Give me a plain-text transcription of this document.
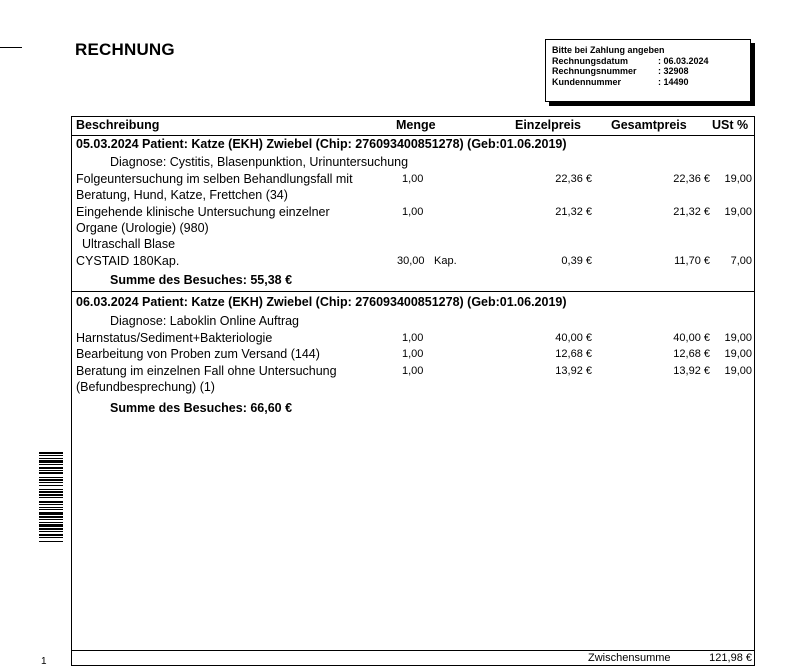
RECHNUNG	Bitte bei Zahlung angeben
Rechnungsdatum	: 06.03.2024
Rechnungsnummer	: 32908
Kundennummer	: 14490
Beschreibung	Menge	Einzelpreis Gesamtpreis USt %
05.03.2024 Patient: Katze (EKH) Zwiebel (Chip: 276093400851278) (Geb:01.06.2019)
Diagnose: Cystitis, Blasenpunktion, Urinuntersuchung
Folgeuntersuchung im selben Behandlungsfall mit	1,00	22,36 €	22,36 € 19,00
Beratung, Hund, Katze, Frettchen (34)
Eingehende klinische Untersuchung einzelner	1,00	21,32 €	21,32 € 19,00
Organe (Urologie) (980)
Ultraschall Blase
CYSTAID 180Kap.	30,00 Kap.	0,39 €	11,70 € 7,00
Summe des Besuches: 55,38 €
06.03.2024 Patient: Katze (EKH) Zwiebel (Chip: 276093400851278) (Geb:01.06.2019)
Diagnose: Laboklin Online Auftrag
Harnstatus/Sediment+Bakteriologie	1,00	40,00 €	40,00 € 19,00
Bearbeitung von Proben zum Versand (144)	1,00	12,68 €	12,68 € 19,00
Beratung im einzelnen Fall ohne Untersuchung	1,00	13,92 €	13,92 € 19,00
(Befundbesprechung) (1)
Summe des Besuches: 66,60 €
Zwischensumme	121,98 €
1
